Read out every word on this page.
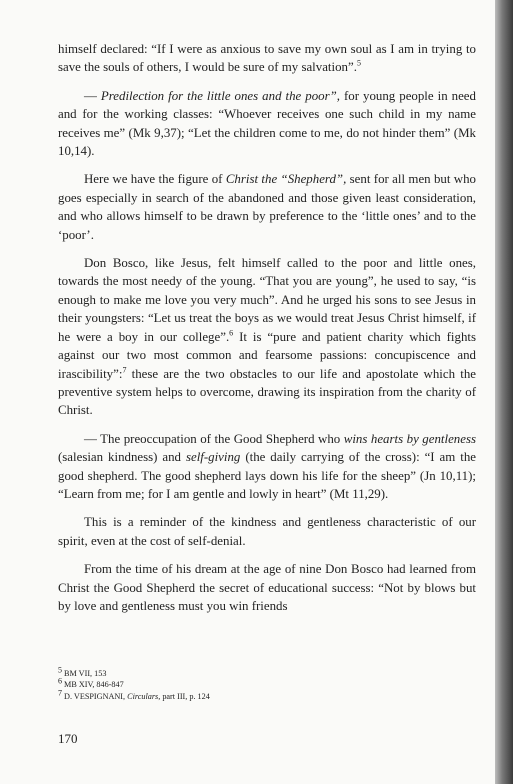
himself declared: “If I were as anxious to save my own soul as I am in trying to save the souls of others, I would be sure of my salvation”.$^5$

— Predilection for the little ones and the poor”, for young people in need and for the working classes: “Whoever receives one such child in my name receives me” (Mk 9,37); “Let the children come to me, do not hinder them” (Mk 10,14).

Here we have the figure of Christ the “Shepherd”, sent for all men but who goes especially in search of the abandoned and those given least consideration, and who allows himself to be drawn by preference to the ‘little ones’ and to the ‘poor’.

Don Bosco, like Jesus, felt himself called to the poor and little ones, towards the most needy of the young. “That you are young”, he used to say, “is enough to make me love you very much”. And he urged his sons to see Jesus in their youngsters: “Let us treat the boys as we would treat Jesus Christ himself, if he were a boy in our college”.$^6$ It is “pure and patient charity which fights against our two most common and fearsome passions: concupiscence and irascibility”:$^7$ these are the two obstacles to our life and apostolate which the preventive system helps to overcome, drawing its inspiration from the charity of Christ.

— The preoccupation of the Good Shepherd who wins hearts by gentleness (salesian kindness) and self-giving (the daily carrying of the cross): “I am the good shepherd. The good shepherd lays down his life for the sheep” (Jn 10,11); “Learn from me; for I am gentle and lowly in heart” (Mt 11,29).

This is a reminder of the kindness and gentleness characteristic of our spirit, even at the cost of self-denial.

From the time of his dream at the age of nine Don Bosco had learned from Christ the Good Shepherd the secret of educational success: “Not by blows but by love and gentleness must you win friends

$^5$ BM VII, 153
$^6$ MB XIV, 846-847
$^7$ D. VESPIGNANI, Circulars, part III, p. 124
170
